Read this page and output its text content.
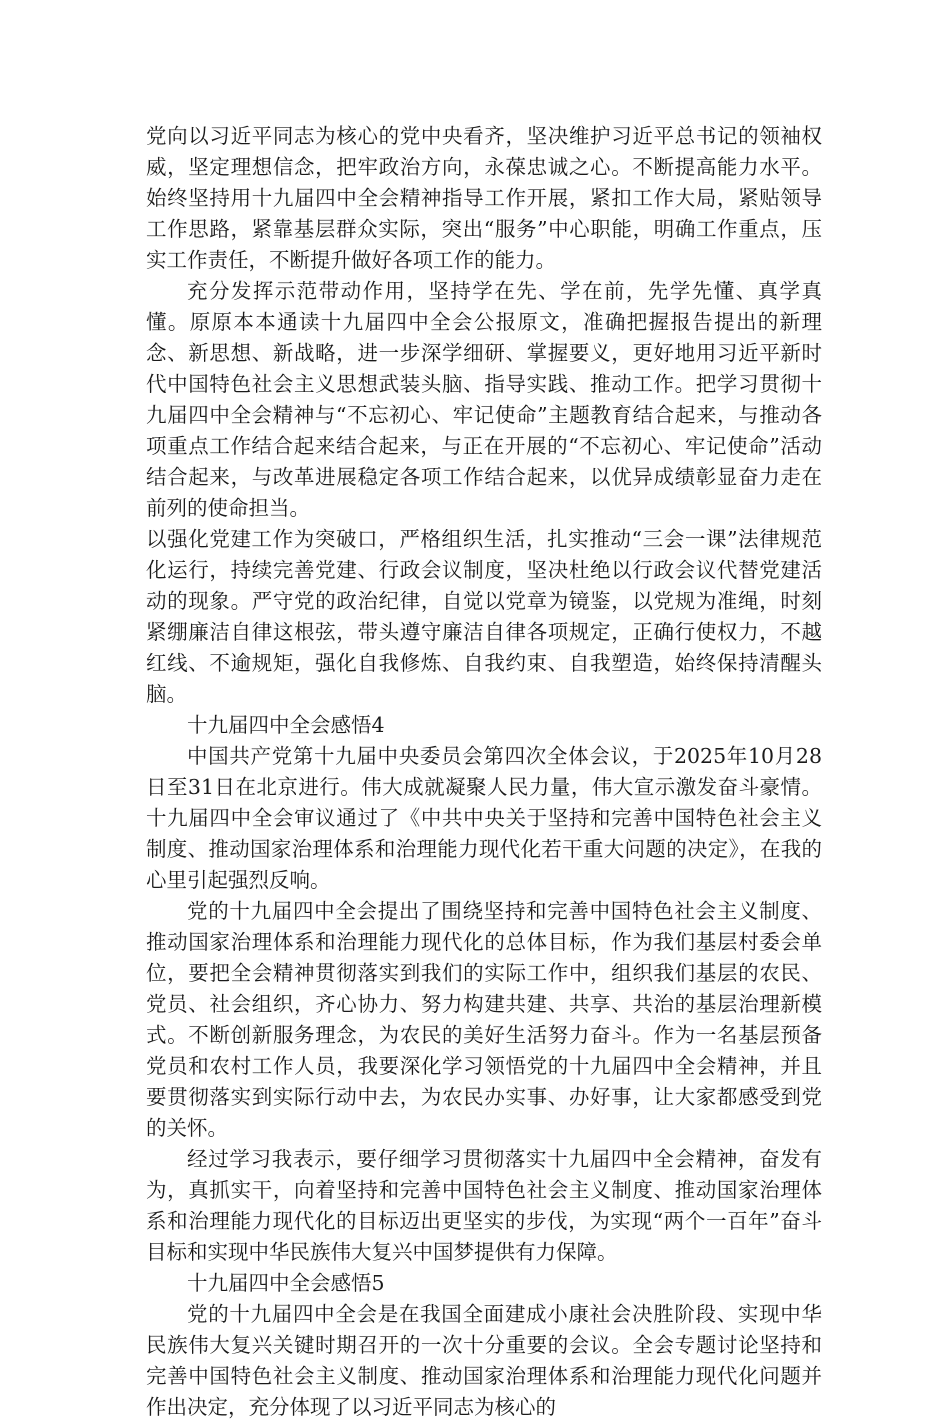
党向以习近平同志为核心的党中央看齐，坚决维护习近平总书记的领袖权威，坚定理想信念，把牢政治方向，永葆忠诚之心。不断提高能力水平。始终坚持用十九届四中全会精神指导工作开展，紧扣工作大局，紧贴领导工作思路，紧靠基层群众实际，突出“服务”中心职能，明确工作重点，压实工作责任，不断提升做好各项工作的能力。

充分发挥示范带动作用，坚持学在先、学在前，先学先懂、真学真懂。原原本本通读十九届四中全会公报原文，准确把握报告提出的新理念、新思想、新战略，进一步深学细研、掌握要义，更好地用习近平新时代中国特色社会主义思想武装头脑、指导实践、推动工作。把学习贯彻十九届四中全会精神与“不忘初心、牢记使命”主题教育结合起来，与推动各项重点工作结合起来结合起来，与正在开展的“不忘初心、牢记使命”活动结合起来，与改革进展稳定各项工作结合起来，以优异成绩彰显奋力走在前列的使命担当。

以强化党建工作为突破口，严格组织生活，扎实推动“三会一课”法律规范化运行，持续完善党建、行政会议制度，坚决杜绝以行政会议代替党建活动的现象。严守党的政治纪律，自觉以党章为镜鉴，以党规为准绳，时刻紧绷廉洁自律这根弦，带头遵守廉洁自律各项规定，正确行使权力，不越红线、不逾规矩，强化自我修炼、自我约束、自我塑造，始终保持清醒头脑。

十九届四中全会感悟4

中国共产党第十九届中央委员会第四次全体会议，于2025年10月28日至31日在北京进行。伟大成就凝聚人民力量，伟大宣示激发奋斗豪情。十九届四中全会审议通过了《中共中央关于坚持和完善中国特色社会主义制度、推动国家治理体系和治理能力现代化若干重大问题的决定》，在我的心里引起强烈反响。

党的十九届四中全会提出了围绕坚持和完善中国特色社会主义制度、推动国家治理体系和治理能力现代化的总体目标，作为我们基层村委会单位，要把全会精神贯彻落实到我们的实际工作中，组织我们基层的农民、党员、社会组织，齐心协力、努力构建共建、共享、共治的基层治理新模式。不断创新服务理念，为农民的美好生活努力奋斗。作为一名基层预备党员和农村工作人员，我要深化学习领悟党的十九届四中全会精神，并且要贯彻落实到实际行动中去，为农民办实事、办好事，让大家都感受到党的关怀。

经过学习我表示，要仔细学习贯彻落实十九届四中全会精神，奋发有为，真抓实干，向着坚持和完善中国特色社会主义制度、推动国家治理体系和治理能力现代化的目标迈出更坚实的步伐，为实现“两个一百年”奋斗目标和实现中华民族伟大复兴中国梦提供有力保障。

十九届四中全会感悟5

党的十九届四中全会是在我国全面建成小康社会决胜阶段、实现中华民族伟大复兴关键时期召开的一次十分重要的会议。全会专题讨论坚持和完善中国特色社会主义制度、推动国家治理体系和治理能力现代化问题并作出决定，充分体现了以习近平同志为核心的
